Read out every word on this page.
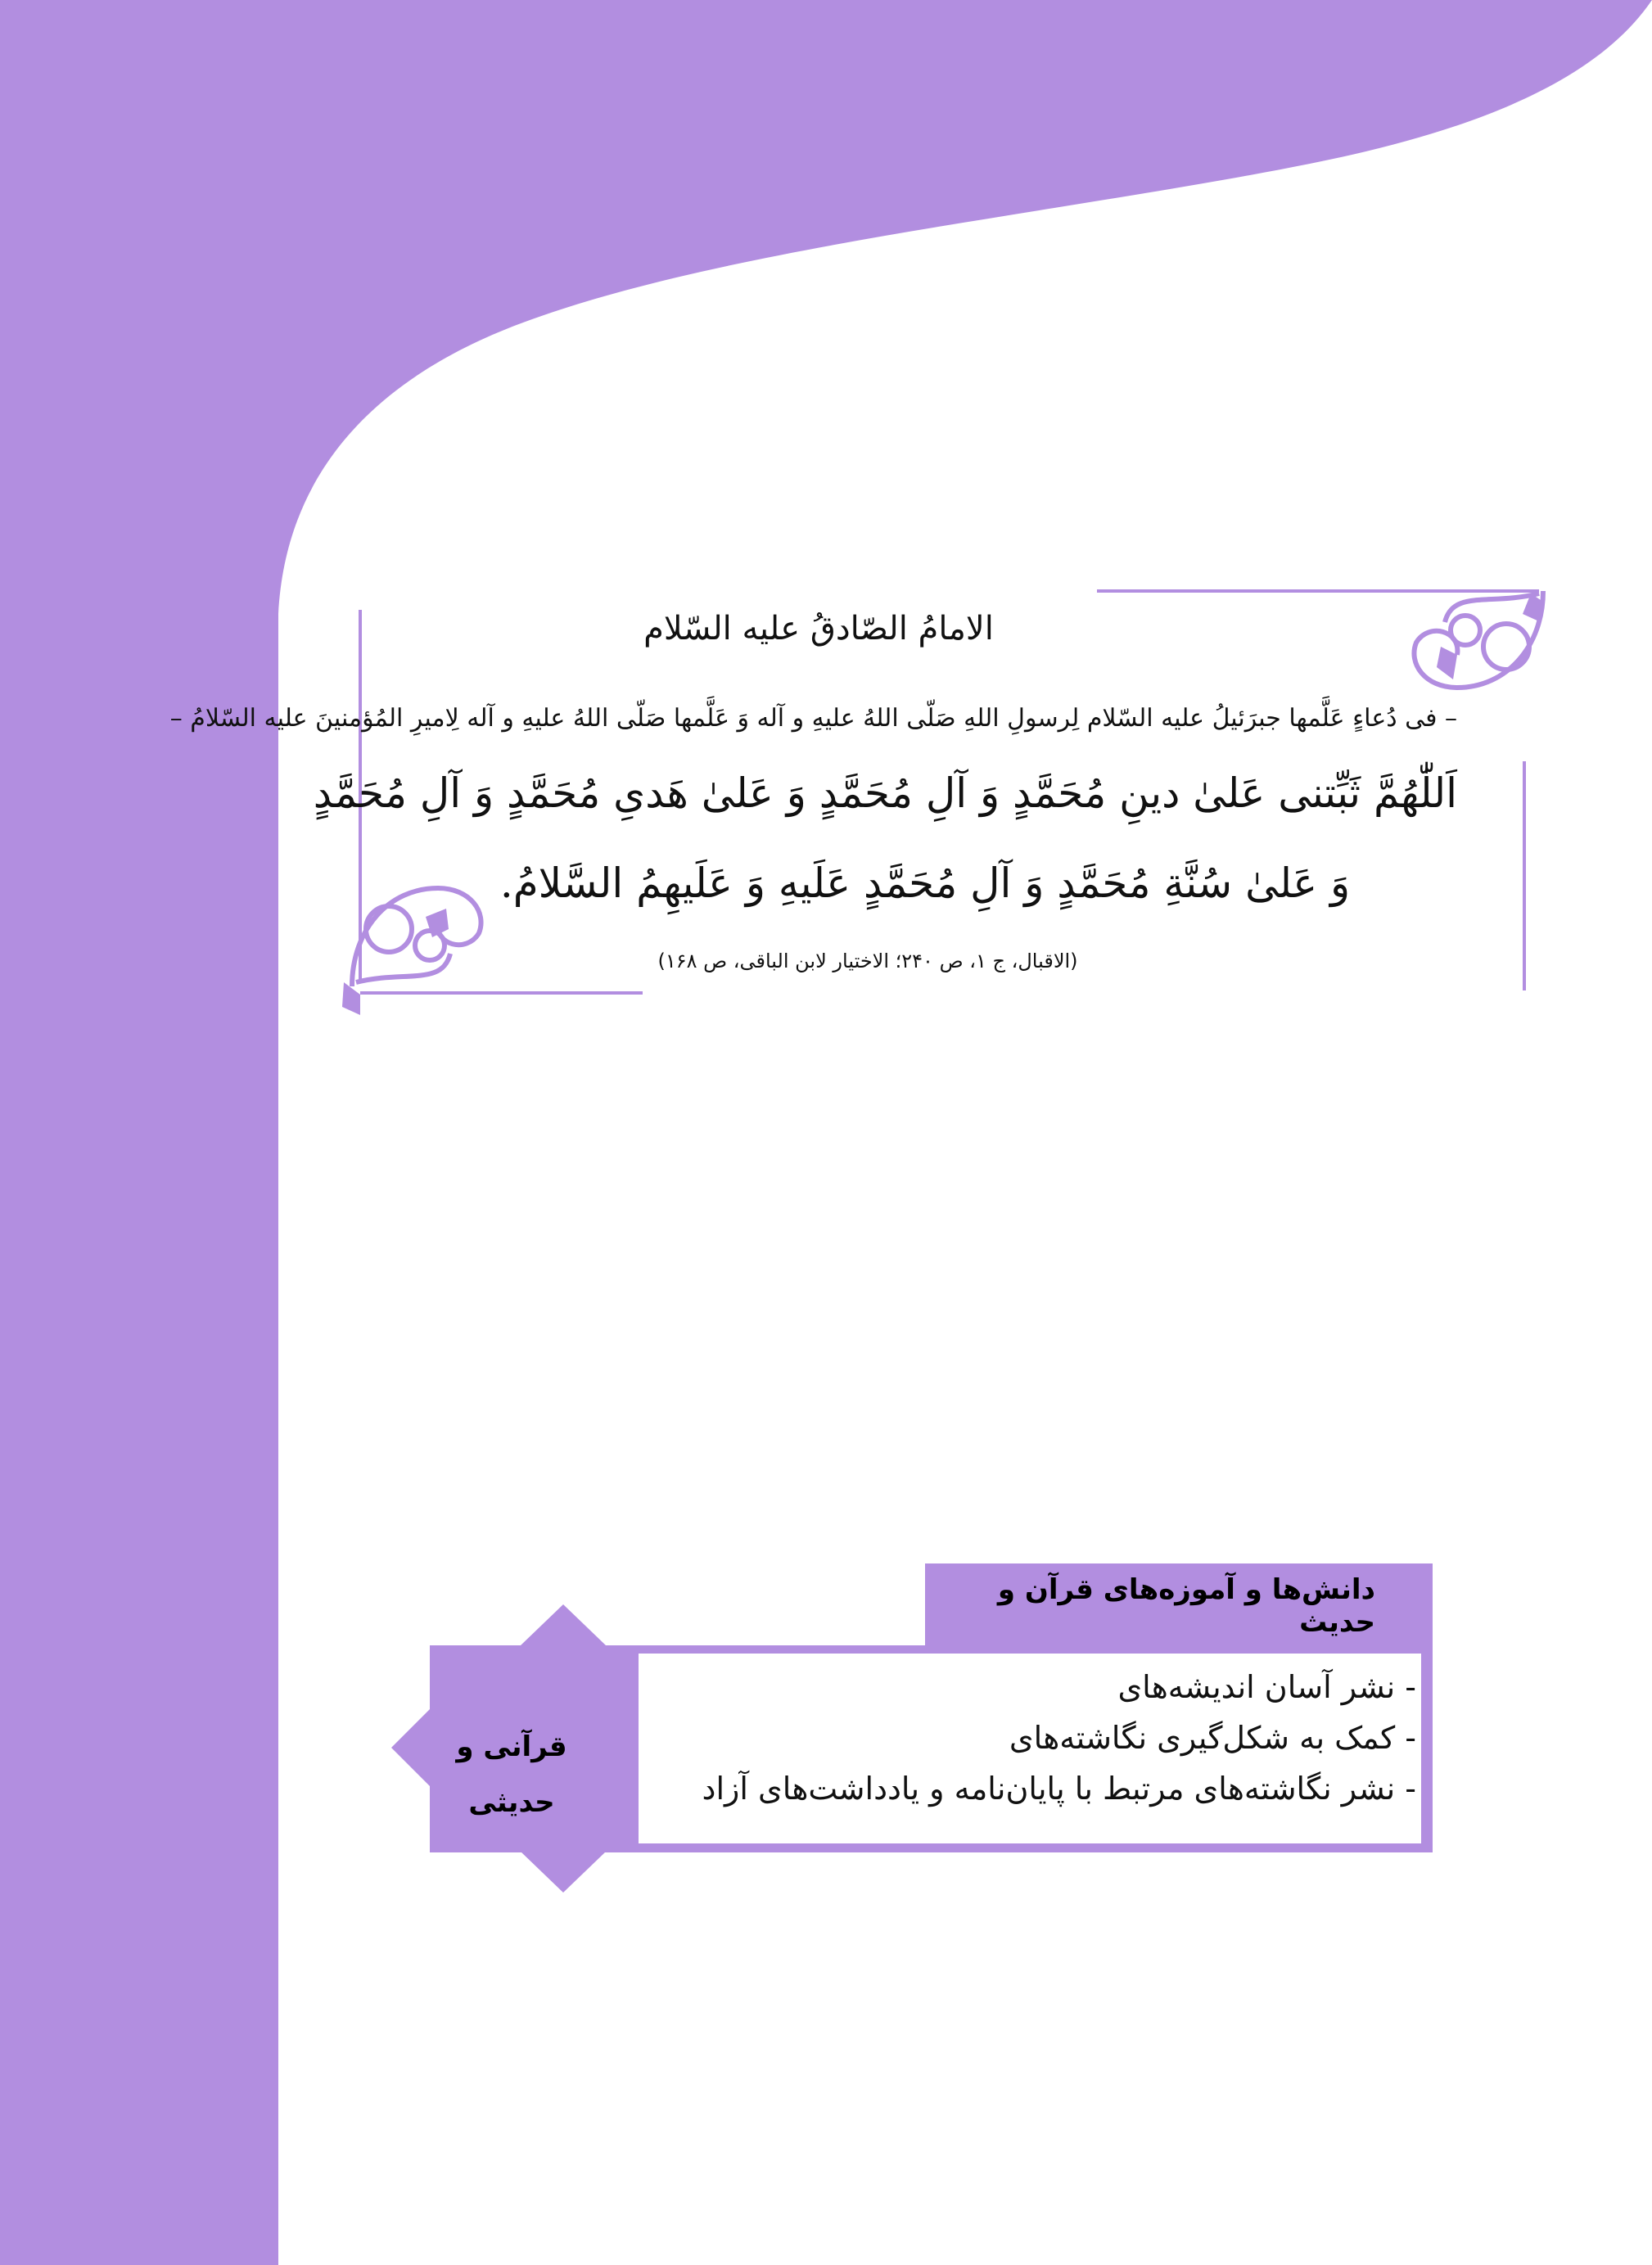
الامامُ الصّادقُ علیه السّلام
– فی دُعاءٍ عَلَّمها جبرَئیلُ علیه السّلام لِرسولِ اللهِ صَلّی اللهُ علیهِ و آله وَ عَلَّمها صَلّی اللهُ علیهِ و آله لِامیرِ المُؤمنینَ علیه السّلامُ –
اَللّٰهُمَّ ثَبِّتنی عَلیٰ دینِ مُحَمَّدٍ وَ آلِ مُحَمَّدٍ وَ عَلیٰ هَدیِ مُحَمَّدٍ وَ آلِ مُحَمَّدٍ
وَ عَلیٰ سُنَّةِ مُحَمَّدٍ وَ آلِ مُحَمَّدٍ عَلَیهِ وَ عَلَیهِمُ السَّلامُ.
(الاقبال، ج ۱، ص ۲۴۰؛ الاختیار لابن الباقی، ص ۱۶۸)
دانش‌ها و آموزه‌های قرآن و حدیث
- نشر آسان اندیشه‌های
- کمک به شکل‌گیری نگاشته‌های
- نشر نگاشته‌های مرتبط با پایان‌نامه و یادداشت‌های آزاد
قرآنی و حدیثی
